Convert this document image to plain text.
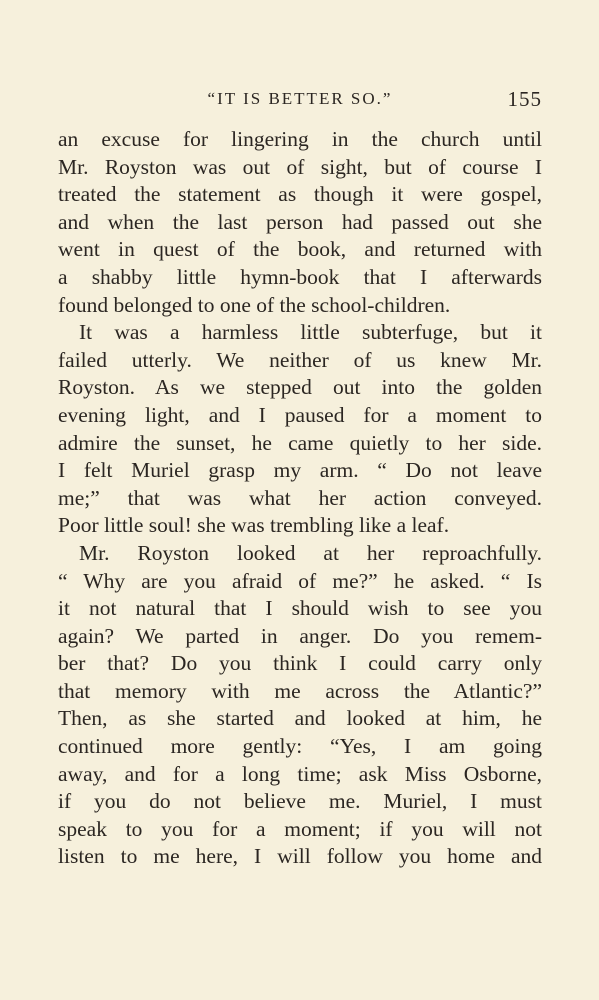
“IT IS BETTER SO.”	155
an excuse for lingering in the church until
Mr. Royston was out of sight, but of course I
treated the statement as though it were gospel,
and when the last person had passed out she
went in quest of the book, and returned with
a shabby little hymn-book that I afterwards
found belonged to one of the school-children.
It was a harmless little subterfuge, but it
failed utterly. We neither of us knew Mr.
Royston. As we stepped out into the golden
evening light, and I paused for a moment to
admire the sunset, he came quietly to her side.
I felt Muriel grasp my arm. “ Do not leave
me;” that was what her action conveyed.
Poor little soul! she was trembling like a leaf.
Mr. Royston looked at her reproachfully.
“ Why are you afraid of me?” he asked. “ Is
it not natural that I should wish to see you
again? We parted in anger. Do you remem-
ber that? Do you think I could carry only
that memory with me across the Atlantic?”
Then, as she started and looked at him, he
continued more gently: “Yes, I am going
away, and for a long time; ask Miss Osborne,
if you do not believe me. Muriel, I must
speak to you for a moment; if you will not
listen to me here, I will follow you home and
